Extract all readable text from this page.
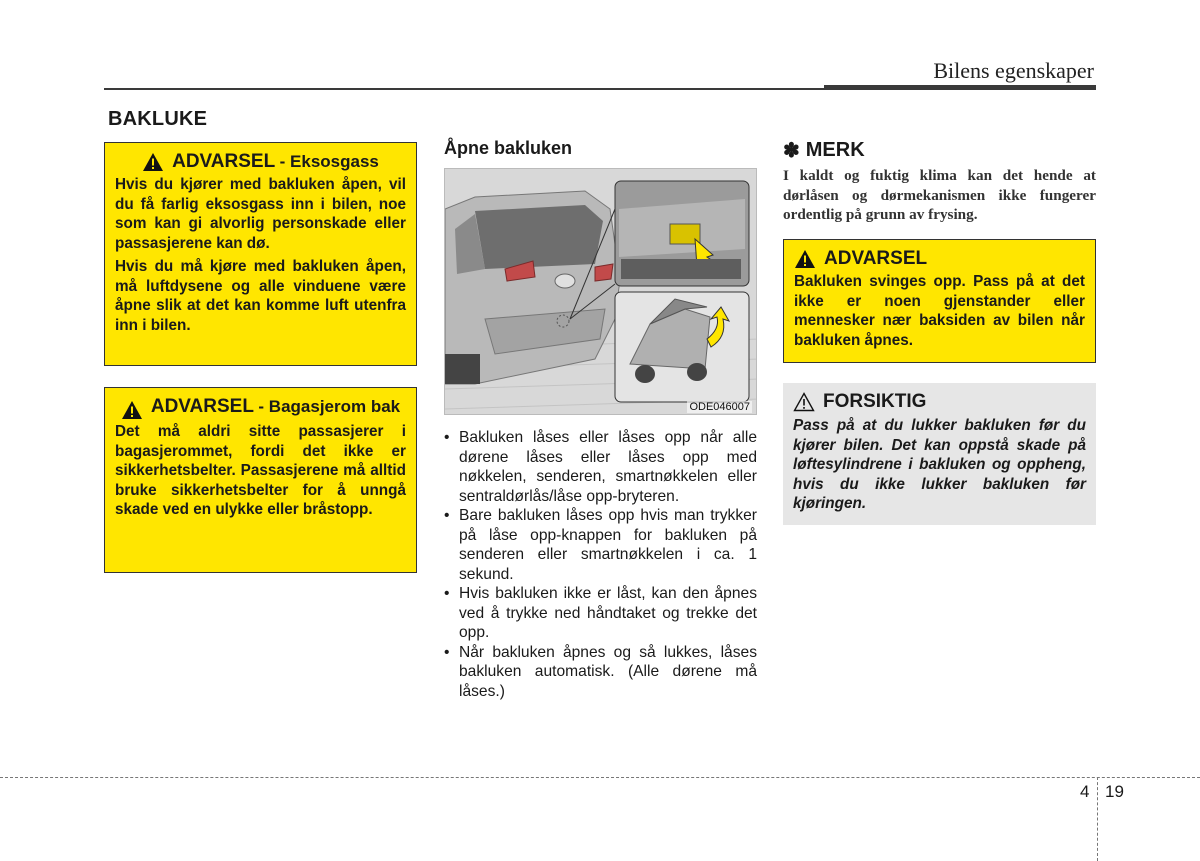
Bilens egenskaper
BAKLUKE
ADVARSEL - Eksosgass

Hvis du kjører med bakluken åpen, vil du få farlig eksosgass inn i bilen, noe som kan gi alvorlig personskade eller passasjerene kan dø.

Hvis du må kjøre med bakluken åpen, må luftdysene og alle vinduene være åpne slik at det kan komme luft utenfra inn i bilen.

ADVARSEL - Bagasjerom bak

Det må aldri sitte passasjerer i bagasjerommet, fordi det ikke er sikkerhetsbelter. Passasjerene må alltid bruke sikkerhetsbelter for å unngå skade ved en ulykke eller bråstopp.

Åpne bakluken
ODE046007
• Bakluken låses eller låses opp når alle dørene låses eller låses opp med nøkkelen, senderen, smartnøkkelen eller sentraldørlås/låse opp-bryteren.
• Bare bakluken låses opp hvis man trykker på låse opp-knappen for bakluken på senderen eller smartnøkkelen i ca. 1 sekund.
• Hvis bakluken ikke er låst, kan den åpnes ved å trykke ned håndtaket og trekke det opp.
• Når bakluken åpnes og så lukkes, låses bakluken automatisk. (Alle dørene må låses.)
✽ MERK
I kaldt og fuktig klima kan det hende at dørlåsen og dørmekanismen ikke fungerer ordentlig på grunn av frysing.
ADVARSEL

Bakluken svinges opp. Pass på at det ikke er noen gjenstander eller mennesker nær baksiden av bilen når bakluken åpnes.

FORSIKTIG
Pass på at du lukker bakluken før du kjører bilen. Det kan oppstå skade på løftesylindrene i bakluken og oppheng, hvis du ikke lukker bakluken før kjøringen.
4 19
